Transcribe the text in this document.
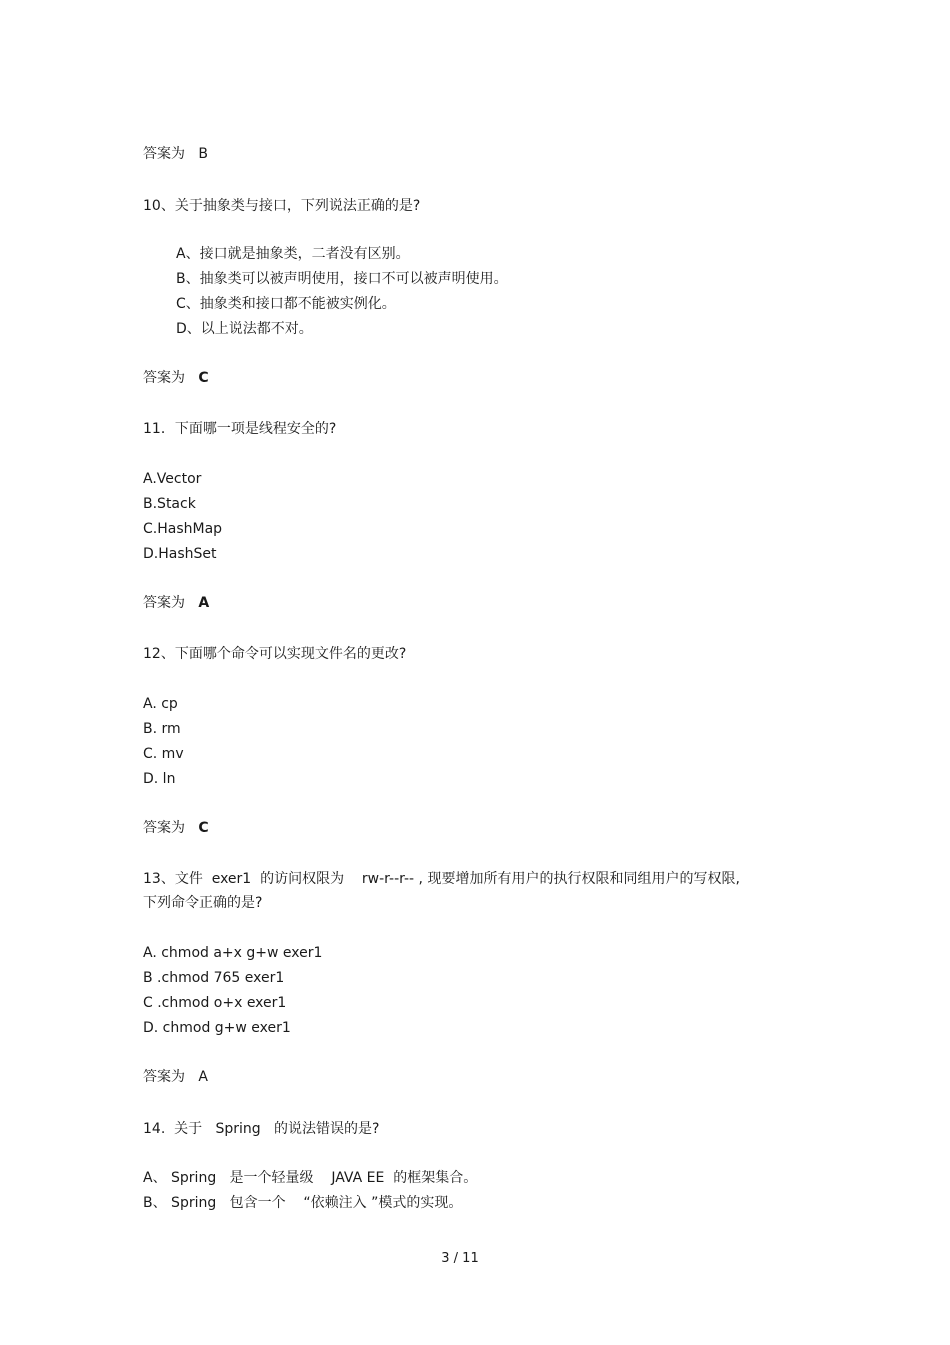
答案为 B
10、关于抽象类与接口，下列说法正确的是?
A、接口就是抽象类，二者没有区别。
B、抽象类可以被声明使用，接口不可以被声明使用。
C、抽象类和接口都不能被实例化。
D、以上说法都不对。
答案为 C
11．下面哪一项是线程安全的?
A.Vector
B.Stack
C.HashMap
D.HashSet
答案为 A
12、下面哪个命令可以实现文件名的更改?
A. cp
B. rm
C. mv
D. ln
答案为 C
13、文件  exer1  的访问权限为    rw-r--r-- , 现要增加所有用户的执行权限和同组用户的写权限,
下列命令正确的是?
A. chmod a+x g+w exer1
B .chmod 765 exer1
C .chmod o+x exer1
D. chmod g+w exer1
答案为 A
14.  关于   Spring   的说法错误的是?
A、 Spring   是一个轻量级    JAVA EE  的框架集合。
B、 Spring   包含一个    “依赖注入 ”模式的实现。
3 / 11
